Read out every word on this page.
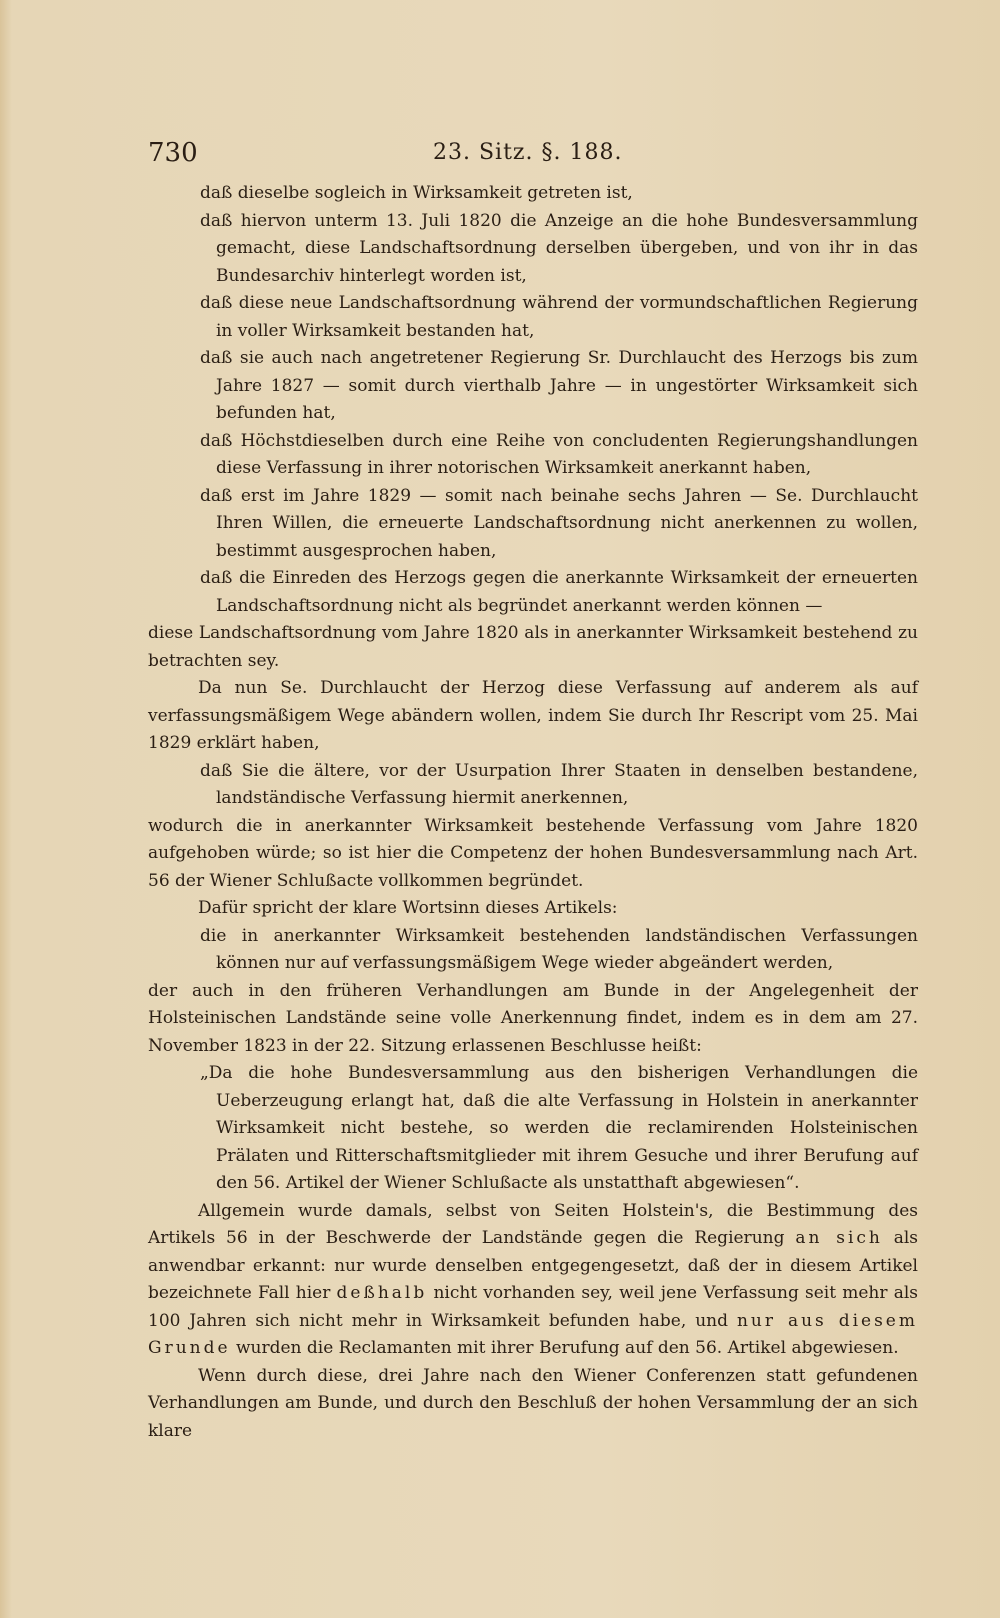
730	23. Sitz. §. 188.

daß dieselbe sogleich in Wirksamkeit getreten ist,

daß hiervon unterm 13. Juli 1820 die Anzeige an die hohe Bundesversammlung gemacht, diese Landschaftsordnung derselben übergeben, und von ihr in das Bundesarchiv hinterlegt worden ist,

daß diese neue Landschaftsordnung während der vormundschaftlichen Regierung in voller Wirksamkeit bestanden hat,

daß sie auch nach angetretener Regierung Sr. Durchlaucht des Herzogs bis zum Jahre 1827 — somit durch vierthalb Jahre — in ungestörter Wirksamkeit sich befunden hat,

daß Höchstdieselben durch eine Reihe von concludenten Regierungshandlungen diese Verfassung in ihrer notorischen Wirksamkeit anerkannt haben,

daß erst im Jahre 1829 — somit nach beinahe sechs Jahren — Se. Durchlaucht Ihren Willen, die erneuerte Landschaftsordnung nicht anerkennen zu wollen, bestimmt ausgesprochen haben,

daß die Einreden des Herzogs gegen die anerkannte Wirksamkeit der erneuerten Landschaftsordnung nicht als begründet anerkannt werden können —

diese Landschaftsordnung vom Jahre 1820 als in anerkannter Wirksamkeit bestehend zu betrachten sey.

Da nun Se. Durchlaucht der Herzog diese Verfassung auf anderem als auf verfassungsmäßigem Wege abändern wollen, indem Sie durch Ihr Rescript vom 25. Mai 1829 erklärt haben,

daß Sie die ältere, vor der Usurpation Ihrer Staaten in denselben bestandene, landständische Verfassung hiermit anerkennen,

wodurch die in anerkannter Wirksamkeit bestehende Verfassung vom Jahre 1820 aufgehoben würde; so ist hier die Competenz der hohen Bundesversammlung nach Art. 56 der Wiener Schlußacte vollkommen begründet.

Dafür spricht der klare Wortsinn dieses Artikels:

die in anerkannter Wirksamkeit bestehenden landständischen Verfassungen können nur auf verfassungsmäßigem Wege wieder abgeändert werden,

der auch in den früheren Verhandlungen am Bunde in der Angelegenheit der Holsteinischen Landstände seine volle Anerkennung findet, indem es in dem am 27. November 1823 in der 22. Sitzung erlassenen Beschlusse heißt:

„Da die hohe Bundesversammlung aus den bisherigen Verhandlungen die Ueberzeugung erlangt hat, daß die alte Verfassung in Holstein in anerkannter Wirksamkeit nicht bestehe, so werden die reclamirenden Holsteinischen Prälaten und Ritterschaftsmitglieder mit ihrem Gesuche und ihrer Berufung auf den 56. Artikel der Wiener Schlußacte als unstatthaft abgewiesen“.

Allgemein wurde damals, selbst von Seiten Holstein's, die Bestimmung des Artikels 56 in der Beschwerde der Landstände gegen die Regierung an sich als anwendbar erkannt: nur wurde denselben entgegengesetzt, daß der in diesem Artikel bezeichnete Fall hier deßhalb nicht vorhanden sey, weil jene Verfassung seit mehr als 100 Jahren sich nicht mehr in Wirksamkeit befunden habe, und nur aus diesem Grunde wurden die Reclamanten mit ihrer Berufung auf den 56. Artikel abgewiesen.

Wenn durch diese, drei Jahre nach den Wiener Conferenzen statt gefundenen Verhandlungen am Bunde, und durch den Beschluß der hohen Versammlung der an sich klare
